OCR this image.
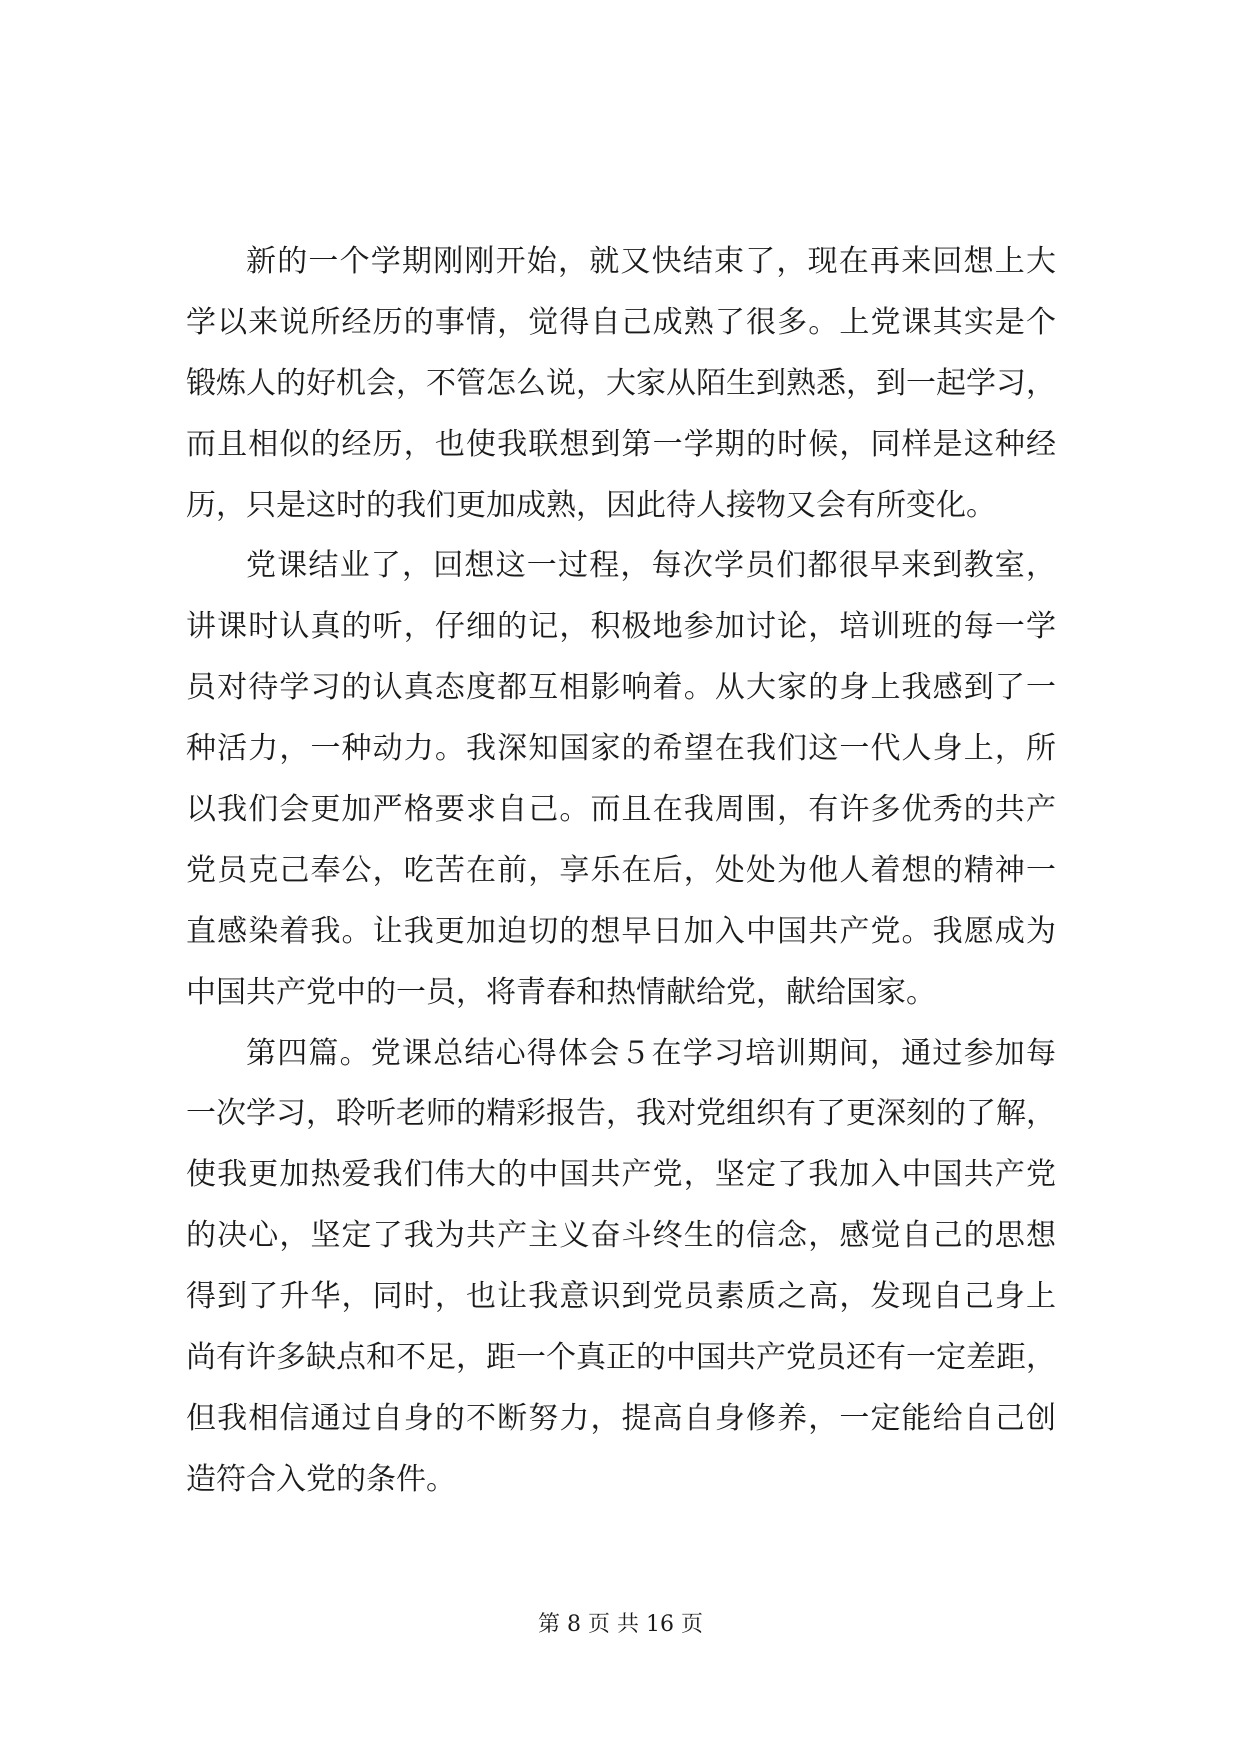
新的一个学期刚刚开始，就又快结束了，现在再来回想上大
学以来说所经历的事情，觉得自己成熟了很多。上党课其实是个
锻炼人的好机会，不管怎么说，大家从陌生到熟悉，到一起学习，
而且相似的经历，也使我联想到第一学期的时候，同样是这种经
历，只是这时的我们更加成熟，因此待人接物又会有所变化。
党课结业了，回想这一过程，每次学员们都很早来到教室，
讲课时认真的听，仔细的记，积极地参加讨论，培训班的每一学
员对待学习的认真态度都互相影响着。从大家的身上我感到了一
种活力，一种动力。我深知国家的希望在我们这一代人身上，所
以我们会更加严格要求自己。而且在我周围，有许多优秀的共产
党员克己奉公，吃苦在前，享乐在后，处处为他人着想的精神一
直感染着我。让我更加迫切的想早日加入中国共产党。我愿成为
中国共产党中的一员，将青春和热情献给党，献给国家。
第四篇。党课总结心得体会５在学习培训期间，通过参加每
一次学习，聆听老师的精彩报告，我对党组织有了更深刻的了解，
使我更加热爱我们伟大的中国共产党，坚定了我加入中国共产党
的决心，坚定了我为共产主义奋斗终生的信念，感觉自己的思想
得到了升华，同时，也让我意识到党员素质之高，发现自己身上
尚有许多缺点和不足，距一个真正的中国共产党员还有一定差距，
但我相信通过自身的不断努力，提高自身修养，一定能给自己创
造符合入党的条件。
第 8 页 共 16 页
